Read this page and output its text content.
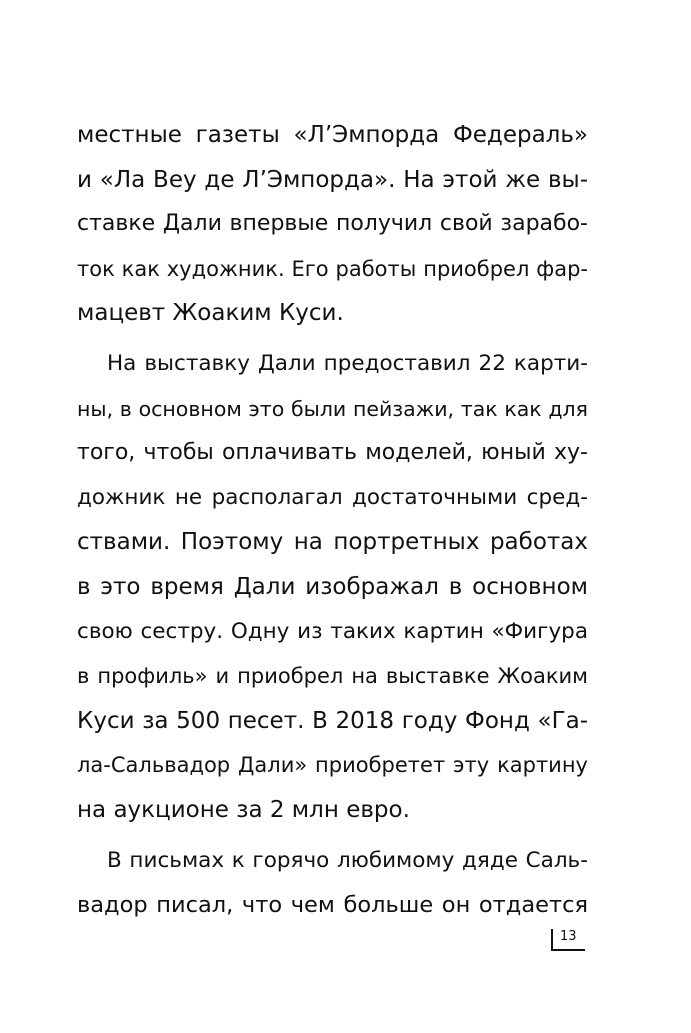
местные газеты «Л’Эмпорда Федераль»
и «Ла Веу де Л’Эмпорда». На этой же вы-
ставке Дали впервые получил свой зарабо-
ток как художник. Его работы приобрел фар-
мацевт Жоаким Куси.
На выставку Дали предоставил 22 карти-
ны, в основном это были пейзажи, так как для
того, чтобы оплачивать моделей, юный ху-
дожник не располагал достаточными сред-
ствами. Поэтому на портретных работах
в это время Дали изображал в основном
свою сестру. Одну из таких картин «Фигура
в профиль» и приобрел на выставке Жоаким
Куси за 500 песет. В 2018 году Фонд «Га-
ла-Сальвадор Дали» приобретет эту картину
на аукционе за 2 млн евро.
В письмах к горячо любимому дяде Саль-
вадор писал, что чем больше он отдается
13
